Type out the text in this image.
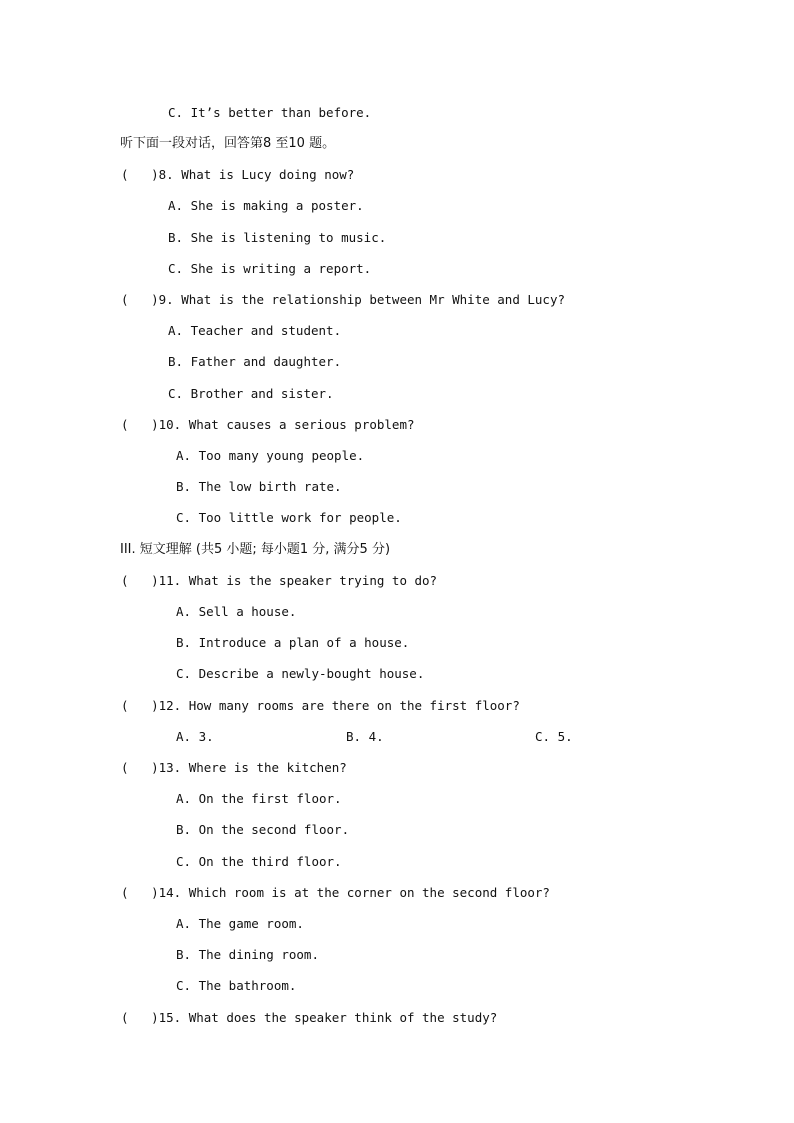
C. It’s better than before.
听下面一段对话，回答第8 至10 题。
(   )8. What is Lucy doing now?
A. She is making a poster.
B. She is listening to music.
C. She is writing a report.
(   )9. What is the relationship between Mr White and Lucy?
A. Teacher and student.
B. Father and daughter.
C. Brother and sister.
(   )10. What causes a serious problem?
A. Too many young people.
B. The low birth rate.
C. Too little work for people.
III. 短文理解 (共5 小题; 每小题1 分, 满分5 分)
(   )11. What is the speaker trying to do?
A. Sell a house.
B. Introduce a plan of a house.
C. Describe a newly-bought house.
(   )12. How many rooms are there on the first floor?
A. 3.	B. 4.	C. 5.
(   )13. Where is the kitchen?
A. On the first floor.
B. On the second floor.
C. On the third floor.
(   )14. Which room is at the corner on the second floor?
A. The game room.
B. The dining room.
C. The bathroom.
(   )15. What does the speaker think of the study?
